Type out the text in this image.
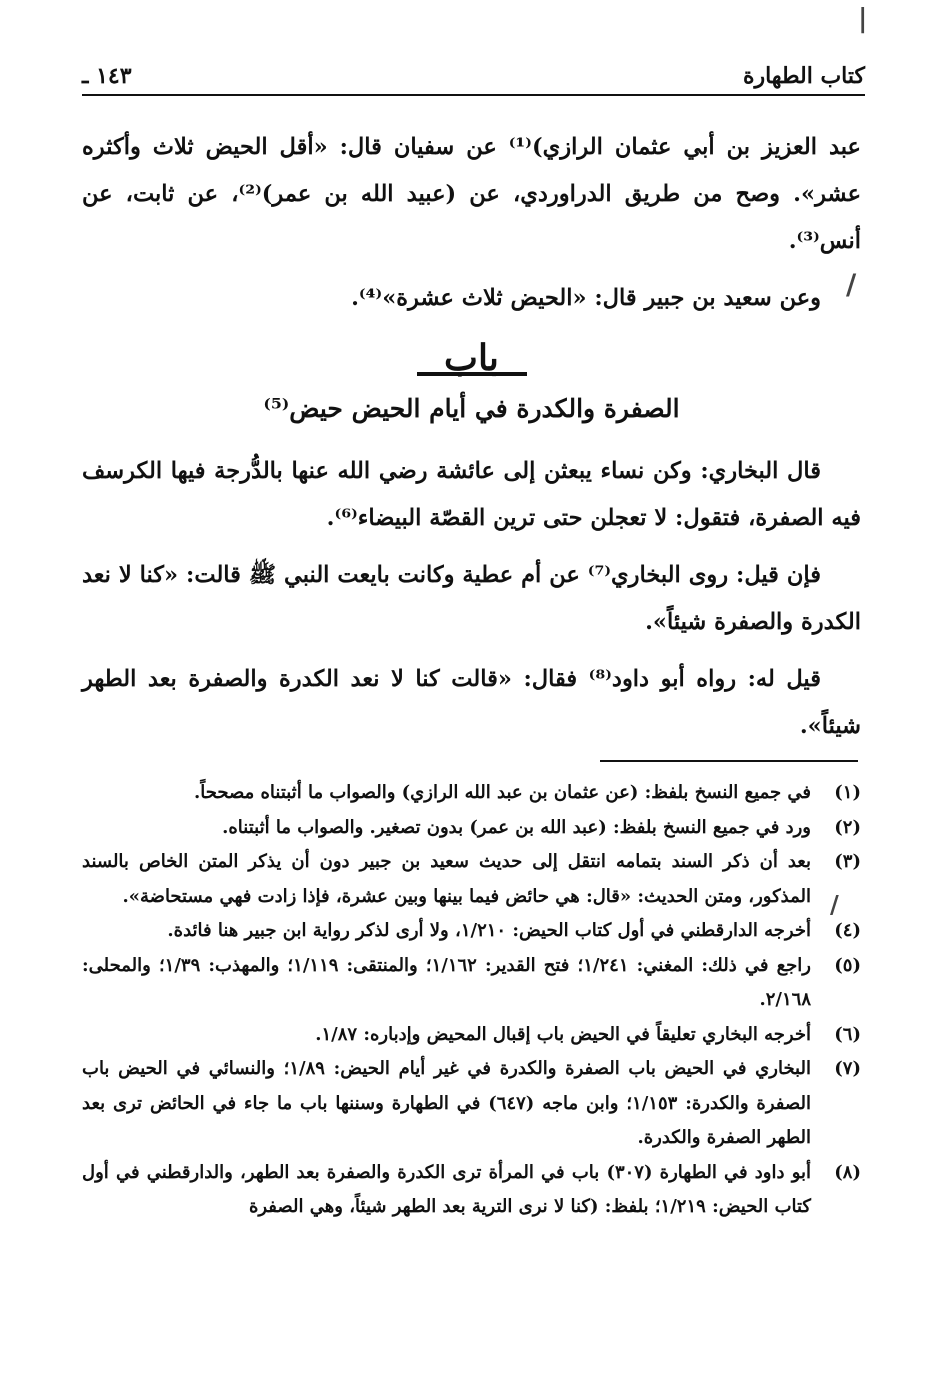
كتاب الطهارة
١٤٣ ـ

عبد العزيز بن أبي عثمان الرازي)⁽¹⁾ عن سفيان قال: «أقل الحيض ثلاث وأكثره عشر». وصح من طريق الدراوردي، عن (عبيد الله بن عمر)⁽²⁾، عن ثابت، عن أنس⁽³⁾.

وعن سعيد بن جبير قال: «الحيض ثلاث عشرة»⁽⁴⁾.

باب
الصفرة والكدرة في أيام الحيض حيض⁽⁵⁾

قال البخاري: وكن نساء يبعثن إلى عائشة رضي الله عنها بالدُّرجة فيها الكرسف فيه الصفرة، فتقول: لا تعجلن حتى ترين القصّة البيضاء⁽⁶⁾.

فإن قيل: روى البخاري⁽⁷⁾ عن أم عطية وكانت بايعت النبي ﷺ قالت: «كنا لا نعد الكدرة والصفرة شيئاً».

قيل له: رواه أبو داود⁽⁸⁾ فقال: «قالت كنا لا نعد الكدرة والصفرة بعد الطهر شيئاً».

(١)
في جميع النسخ بلفظ: (عن عثمان بن عبد الله الرازي) والصواب ما أثبتناه مصححاً.
(٢)
ورد في جميع النسخ بلفظ: (عبد الله بن عمر) بدون تصغير. والصواب ما أثبتناه.
(٣)
بعد أن ذكر السند بتمامه انتقل إلى حديث سعيد بن جبير دون أن يذكر المتن الخاص بالسند المذكور، ومتن الحديث: «قال: هي حائض فيما بينها وبين عشرة، فإذا زادت فهي مستحاضة».
(٤)
أخرجه الدارقطني في أول كتاب الحيض: ١/٢١٠، ولا أرى لذكر رواية ابن جبير هنا فائدة.
(٥)
راجع في ذلك: المغني: ١/٢٤١؛ فتح القدير: ١/١٦٢؛ والمنتقى: ١/١١٩؛ والمهذب: ١/٣٩؛ والمحلى: ٢/١٦٨.
(٦)
أخرجه البخاري تعليقاً في الحيض باب إقبال المحيض وإدباره: ١/٨٧.
(٧)
البخاري في الحيض باب الصفرة والكدرة في غير أيام الحيض: ١/٨٩؛ والنسائي في الحيض باب الصفرة والكدرة: ١/١٥٣؛ وابن ماجه (٦٤٧) في الطهارة وسننها باب ما جاء في الحائض ترى بعد الطهر الصفرة والكدرة.
(٨)
أبو داود في الطهارة (٣٠٧) باب في المرأة ترى الكدرة والصفرة بعد الطهر، والدارقطني في أول كتاب الحيض: ١/٢١٩؛ بلفظ: (كنا لا نرى الترية بعد الطهر شيئاً، وهي الصفرة
|
/
/
